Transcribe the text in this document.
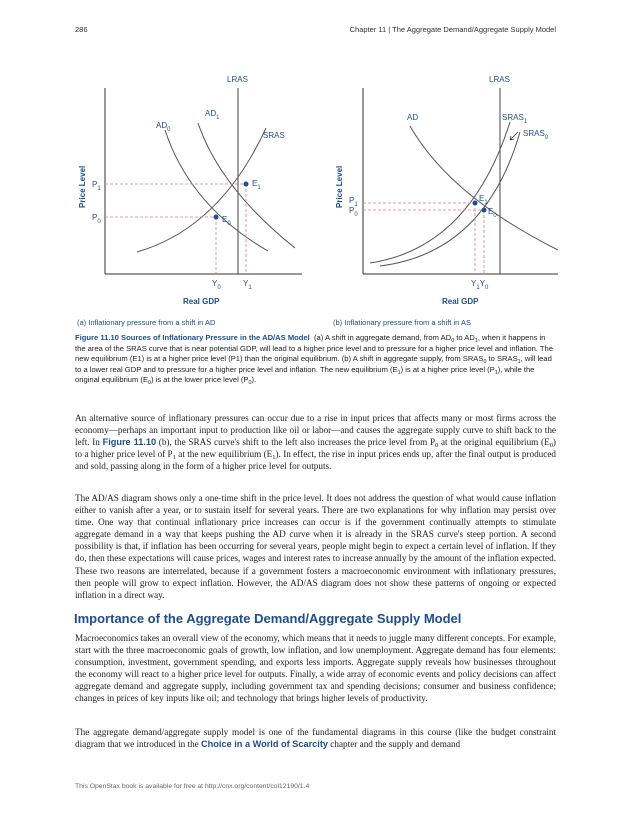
286	Chapter 11 | The Aggregate Demand/Aggregate Supply Model
LRAS
$AD_0$
$AD_1$
SRAS
$E_1$
$E_0$
$P_1$
$P_0$
$Y_0$	$Y_1$
Price Level
Real GDP
(a) Inflationary pressure from a shift in AD
LRAS
AD	$SRAS_1$
$SRAS_0$
$E_1$
$E_0$
$P_1$
$P_0$
$Y_1Y_0$
Price Level
Real GDP
(b) Inflationary pressure from a shift in AS
Figure 11.10 Sources of Inflationary Pressure in the AD/AS Model (a) A shift in aggregate demand, from $AD_0$ to $AD_1$, when it happens in the area of the SRAS curve that is near potential GDP, will lead to a higher price level and to pressure for a higher price level and inflation. The new equilibrium (E1) is at a higher price level (P1) than the original equilibrium. (b) A shift in aggregate supply, from $SRAS_0$ to $SRAS_1$, will lead to a lower real GDP and to pressure for a higher price level and inflation. The new equilibrium $(E_1)$ is at a higher price level $(P_1)$, while the original equilibrium $(E_0)$ is at the lower price level $(P_0)$.

An alternative source of inflationary pressures can occur due to a rise in input prices that affects many or most firms across the economy—perhaps an important input to production like oil or labor—and causes the aggregate supply curve to shift back to the left. In Figure 11.10 (b), the SRAS curve's shift to the left also increases the price level from $P_0$ at the original equilibrium $(E_0)$ to a higher price level of $P_1$ at the new equilibrium $(E_1)$. In effect, the rise in input prices ends up, after the final output is produced and sold, passing along in the form of a higher price level for outputs.

The AD/AS diagram shows only a one-time shift in the price level. It does not address the question of what would cause inflation either to vanish after a year, or to sustain itself for several years. There are two explanations for why inflation may persist over time. One way that continual inflationary price increases can occur is if the government continually attempts to stimulate aggregate demand in a way that keeps pushing the AD curve when it is already in the SRAS curve's steep portion. A second possibility is that, if inflation has been occurring for several years, people might begin to expect a certain level of inflation. If they do, then these expectations will cause prices, wages and interest rates to increase annually by the amount of the inflation expected. These two reasons are interrelated, because if a government fosters a macroeconomic environment with inflationary pressures, then people will grow to expect inflation. However, the AD/AS diagram does not show these patterns of ongoing or expected inflation in a direct way.

Importance of the Aggregate Demand/Aggregate Supply Model

Macroeconomics takes an overall view of the economy, which means that it needs to juggle many different concepts. For example, start with the three macroeconomic goals of growth, low inflation, and low unemployment. Aggregate demand has four elements: consumption, investment, government spending, and exports less imports. Aggregate supply reveals how businesses throughout the economy will react to a higher price level for outputs. Finally, a wide array of economic events and policy decisions can affect aggregate demand and aggregate supply, including government tax and spending decisions; consumer and business confidence; changes in prices of key inputs like oil; and technology that brings higher levels of productivity.

The aggregate demand/aggregate supply model is one of the fundamental diagrams in this course (like the budget constraint diagram that we introduced in the Choice in a World of Scarcity chapter and the supply and demand

This OpenStax book is available for free at http://cnx.org/content/col12190/1.4
